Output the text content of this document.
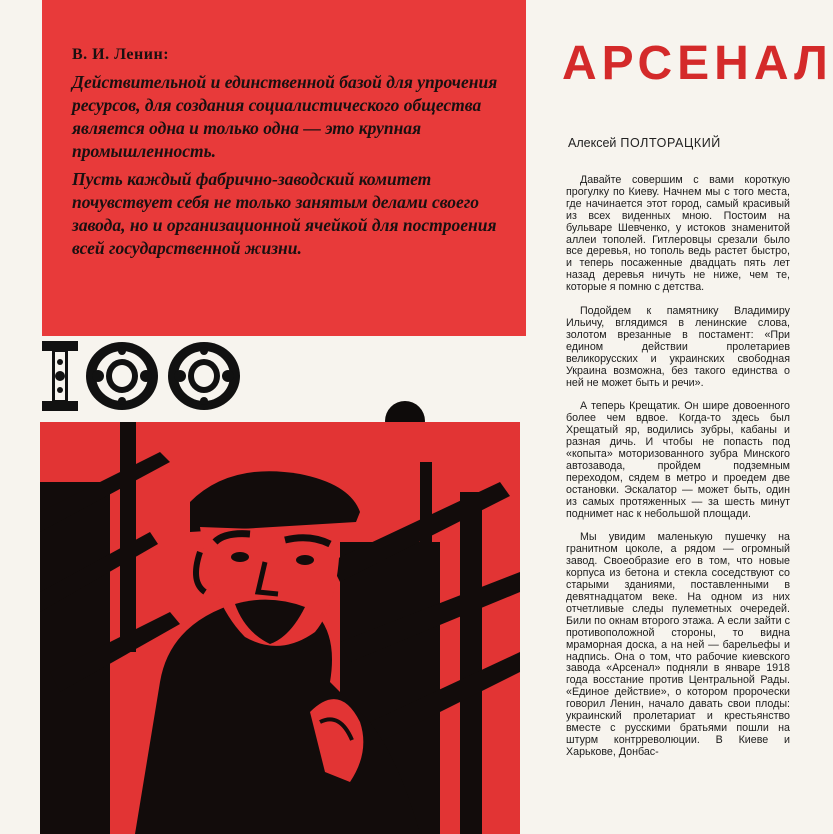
В. И. Ленин:

Действительной и единственной базой для упрочения ресурсов, для создания социалистического общества является одна и только одна — это крупная промышленность.

Пусть каждый фабрично-заводский комитет почувствует себя не только занятым делами своего завода, но и организационной ячейкой для построения всей государственной жизни.

АРСЕНАЛ
Алексей ПОЛТОРАЦКИЙ

Давайте совершим с вами короткую прогулку по Киеву. Начнем мы с того места, где начинается этот город, самый красивый из всех виденных мною. Постоим на бульваре Шевченко, у истоков знаменитой аллеи тополей. Гитлеровцы срезали было все деревья, но тополь ведь растет быстро, и теперь посаженные двадцать пять лет назад деревья ничуть не ниже, чем те, которые я помню с детства.

Подойдем к памятнику Владимиру Ильичу, вглядимся в ленинские слова, золотом врезанные в постамент: «При едином действии пролетариев великорусских и украинских свободная Украина возможна, без такого единства о ней не может быть и речи».

А теперь Крещатик. Он шире довоенного более чем вдвое. Когда-то здесь был Хрещатый яр, водились зубры, кабаны и разная дичь. И чтобы не попасть под «копыта» моторизованного зубра Минского автозавода, пройдем подземным переходом, сядем в метро и проедем две остановки. Эскалатор — может быть, один из самых протяженных — за шесть минут поднимет нас к небольшой площади.

Мы увидим маленькую пушечку на гранитном цоколе, а рядом — огромный завод. Своеобразие его в том, что новые корпуса из бетона и стекла соседствуют со старыми зданиями, поставленными в девятнадцатом веке. На одном из них отчетливые следы пулеметных очередей. Били по окнам второго этажа. А если зайти с противоположной стороны, то видна мраморная доска, а на ней — барельефы и надпись. Она о том, что рабочие киевского завода «Арсенал» подняли в январе 1918 года восстание против Центральной Рады. «Единое действие», о котором пророчески говорил Ленин, начало давать свои плоды: украинский пролетариат и крестьянство вместе с русскими братьями пошли на штурм контрреволюции. В Киеве и Харькове, Донбас-
